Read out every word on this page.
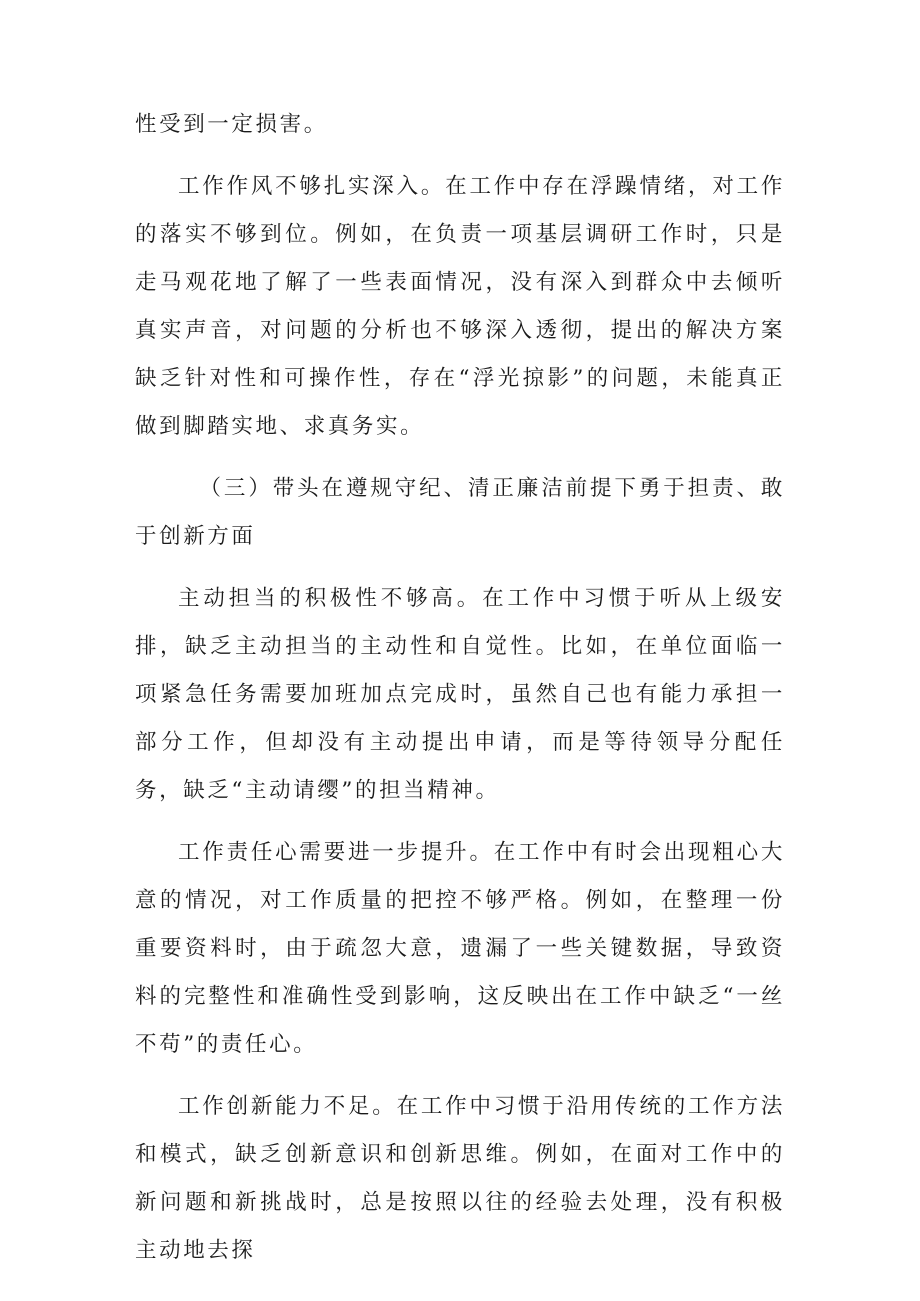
性受到一定损害。

工作作风不够扎实深入。在工作中存在浮躁情绪，对工作的落实不够到位。例如，在负责一项基层调研工作时，只是走马观花地了解了一些表面情况，没有深入到群众中去倾听真实声音，对问题的分析也不够深入透彻，提出的解决方案缺乏针对性和可操作性，存在“浮光掠影”的问题，未能真正做到脚踏实地、求真务实。

（三）带头在遵规守纪、清正廉洁前提下勇于担责、敢于创新方面

主动担当的积极性不够高。在工作中习惯于听从上级安排，缺乏主动担当的主动性和自觉性。比如，在单位面临一项紧急任务需要加班加点完成时，虽然自己也有能力承担一部分工作，但却没有主动提出申请，而是等待领导分配任务，缺乏“主动请缨”的担当精神。

工作责任心需要进一步提升。在工作中有时会出现粗心大意的情况，对工作质量的把控不够严格。例如，在整理一份重要资料时，由于疏忽大意，遗漏了一些关键数据，导致资料的完整性和准确性受到影响，这反映出在工作中缺乏“一丝不苟”的责任心。

工作创新能力不足。在工作中习惯于沿用传统的工作方法和模式，缺乏创新意识和创新思维。例如，在面对工作中的新问题和新挑战时，总是按照以往的经验去处理，没有积极主动地去探
